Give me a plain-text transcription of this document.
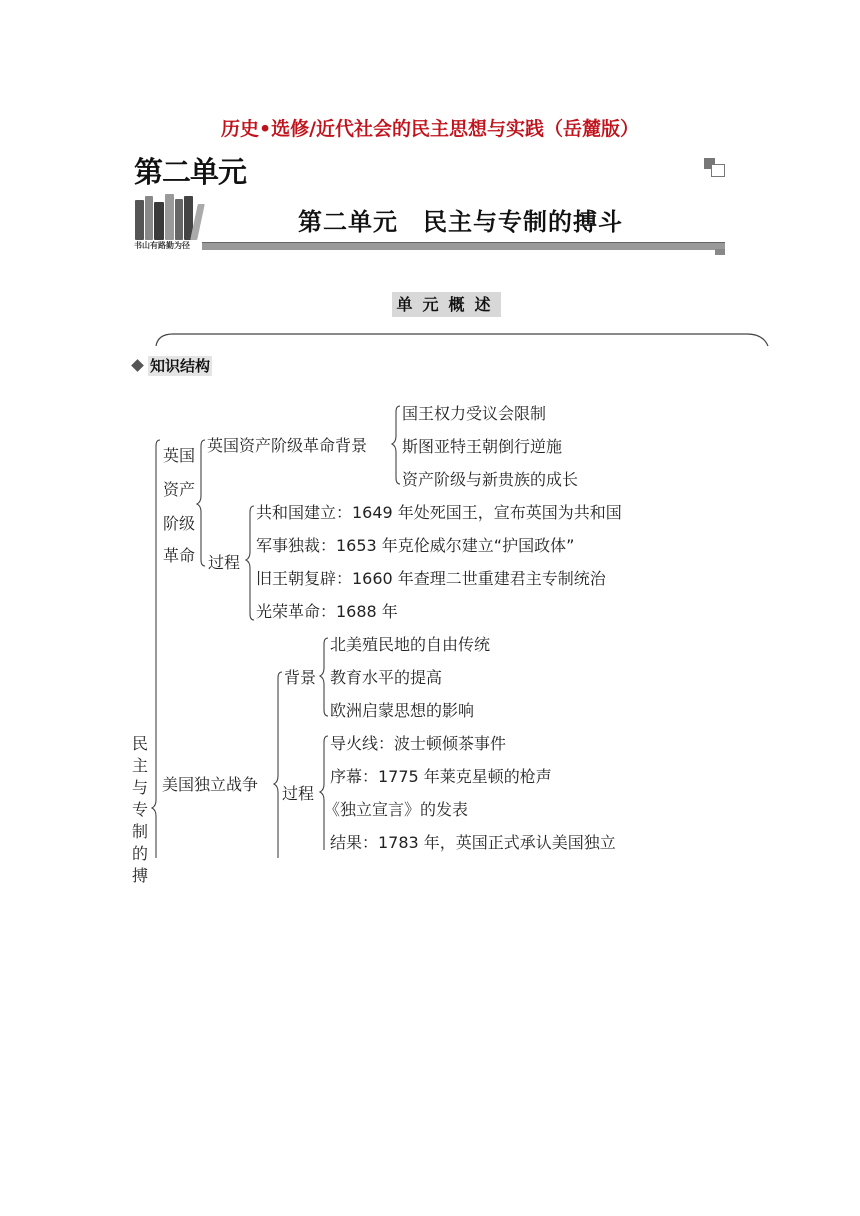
历史•选修/近代社会的民主思想与实践（岳麓版）
第二单元
书山有路勤为径
第二单元　民主与专制的搏斗
单元概述
知识结构
民主与专制的搏
英国
资产
阶级
革命
英国资产阶级革命背景
国王权力受议会限制
斯图亚特王朝倒行逆施
资产阶级与新贵族的成长
过程
共和国建立：1649 年处死国王，宣布英国为共和国
军事独裁：1653 年克伦威尔建立“护国政体”
旧王朝复辟：1660 年查理二世重建君主专制统治
光荣革命：1688 年
美国独立战争
背景
北美殖民地的自由传统
教育水平的提高
欧洲启蒙思想的影响
过程
导火线：波士顿倾茶事件
序幕：1775 年莱克星顿的枪声
《独立宣言》的发表
结果：1783 年，英国正式承认美国独立
